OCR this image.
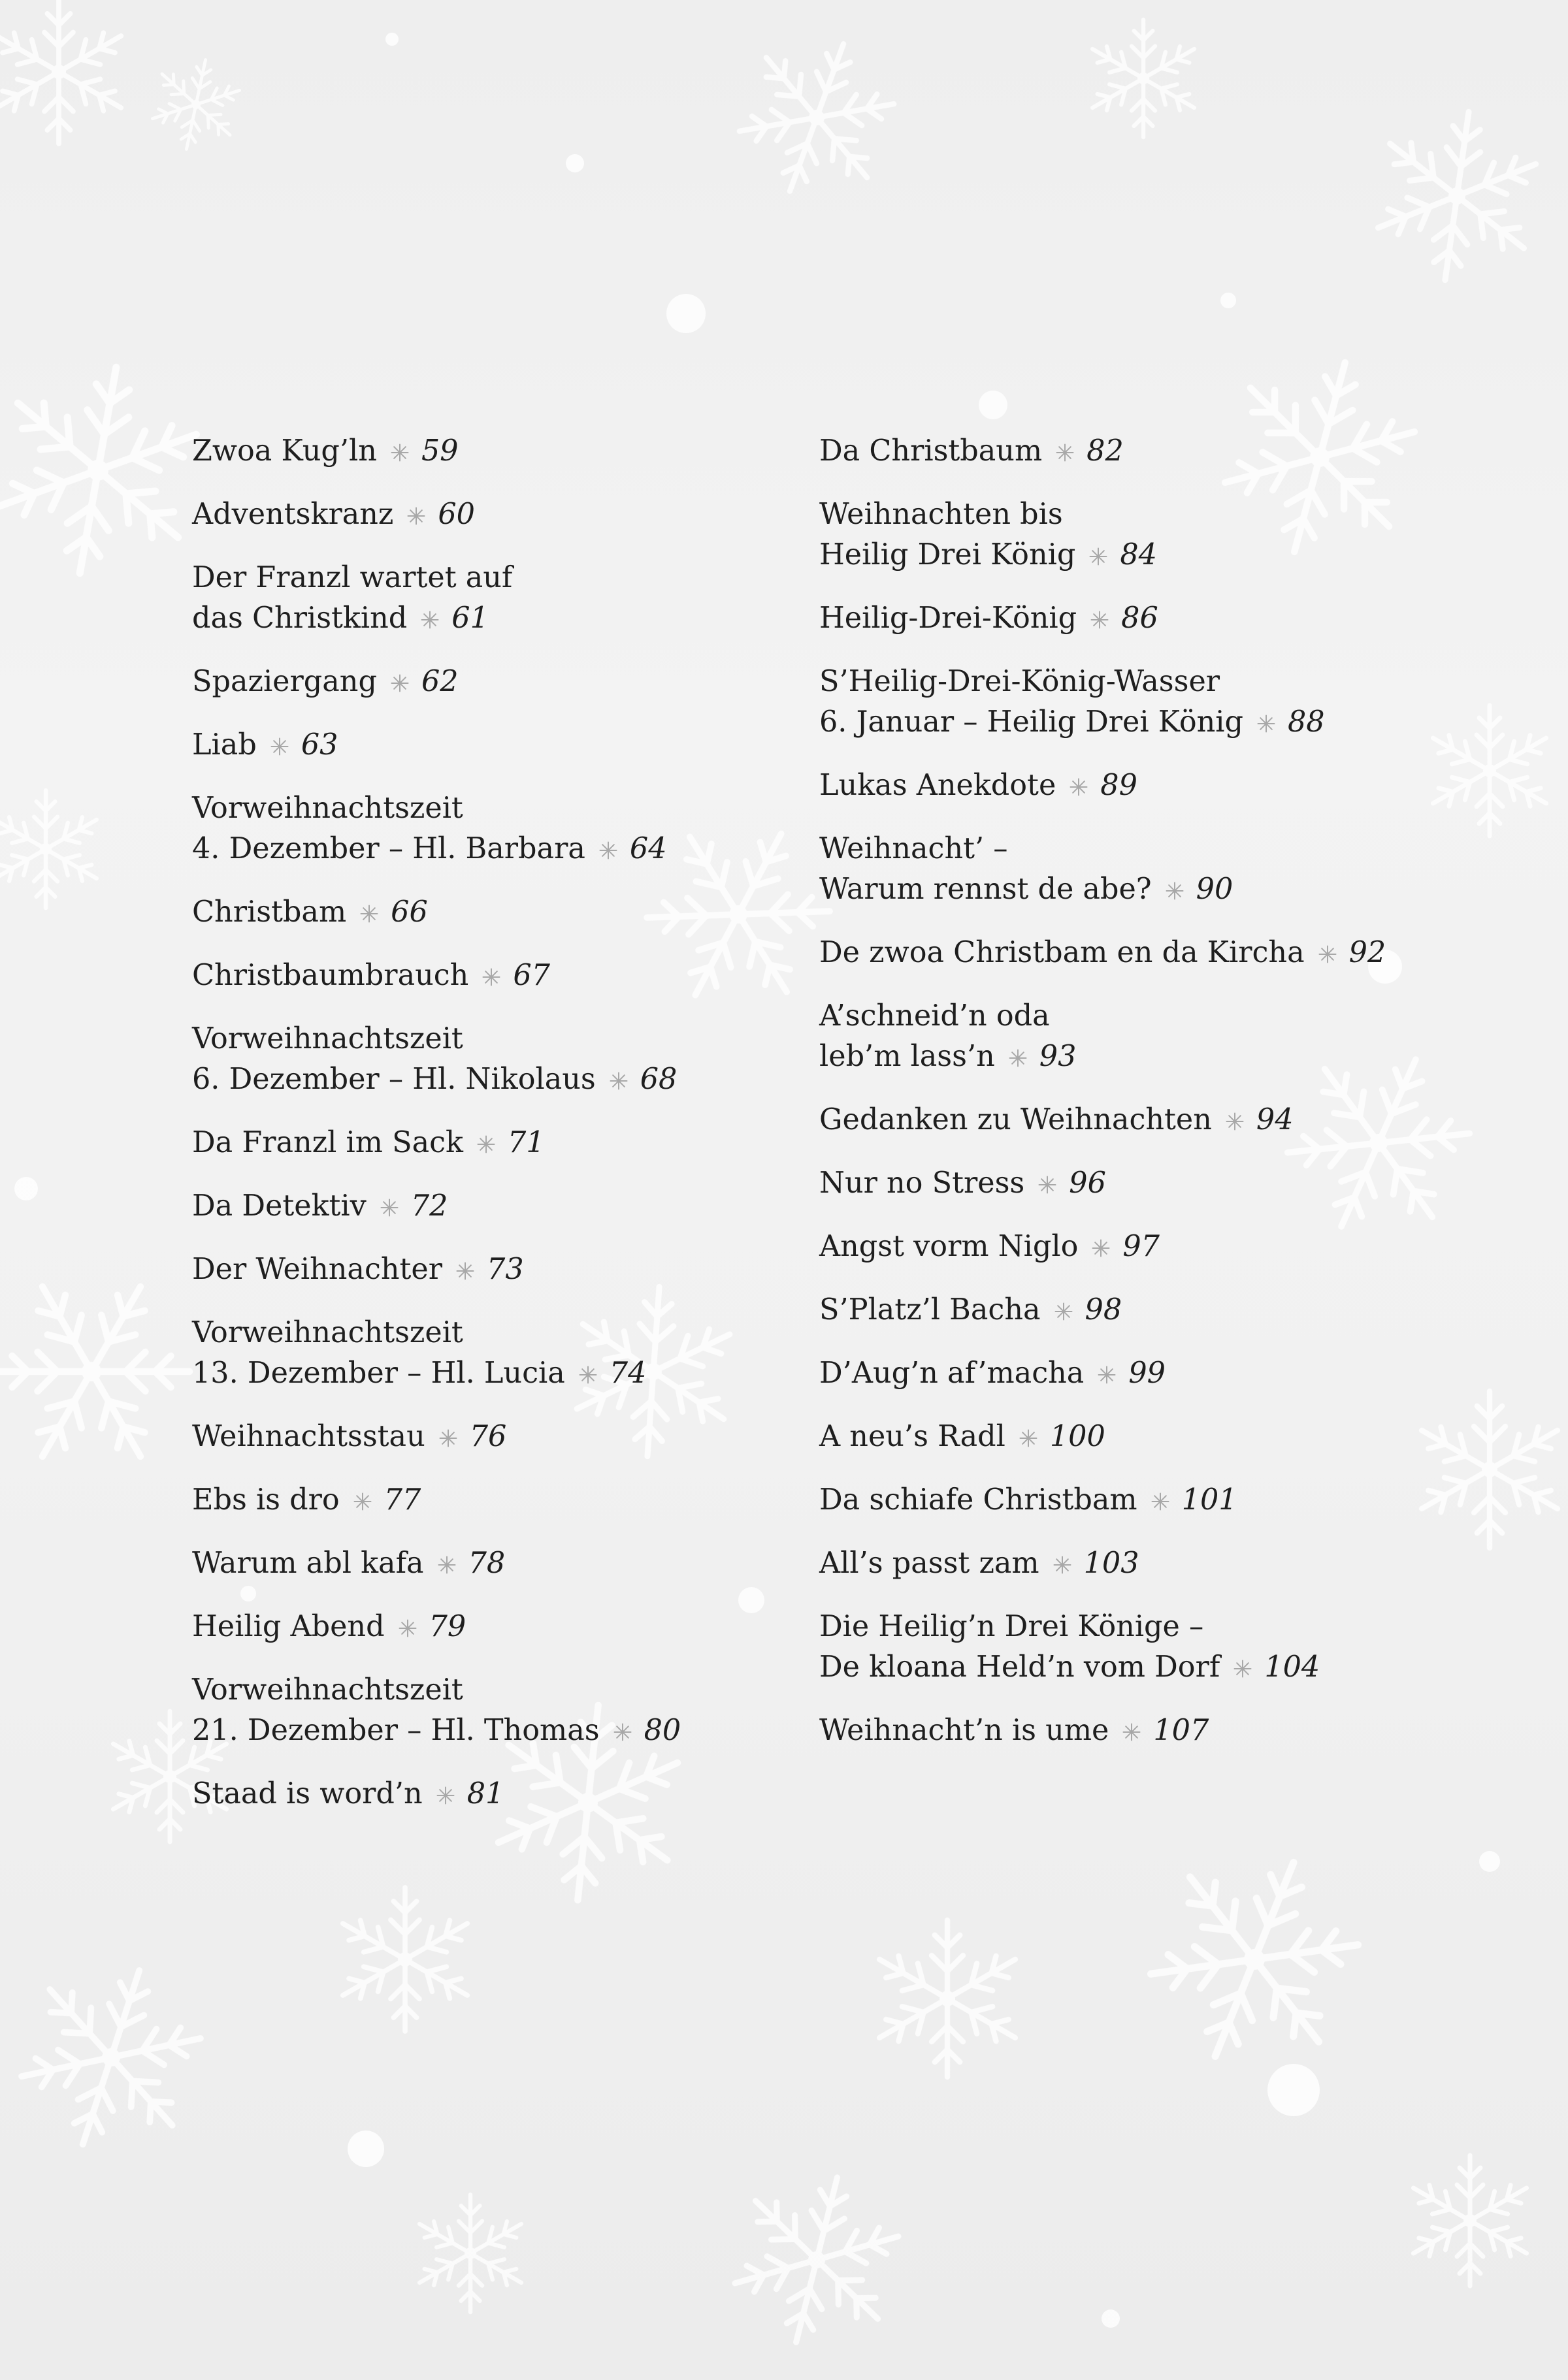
Zwoa Kug’ln 59
Adventskranz 60
Der Franzl wartet auf
das Christkind 61
Spaziergang 62
Liab 63
Vorweihnachtszeit
4. Dezember – Hl. Barbara 64
Christbam 66
Christbaumbrauch 67
Vorweihnachtszeit
6. Dezember – Hl. Nikolaus 68
Da Franzl im Sack 71
Da Detektiv 72
Der Weihnachter 73
Vorweihnachtszeit
13. Dezember – Hl. Lucia 74
Weihnachtsstau 76
Ebs is dro 77
Warum abl kafa 78
Heilig Abend 79
Vorweihnachtszeit
21. Dezember – Hl. Thomas 80
Staad is word’n 81
Da Christbaum 82
Weihnachten bis
Heilig Drei König 84
Heilig-Drei-König 86
S’Heilig-Drei-König-Wasser
6. Januar – Heilig Drei König 88
Lukas Anekdote 89
Weihnacht’ –
Warum rennst de abe? 90
De zwoa Christbam en da Kircha 92
A’schneid’n oda
leb’m lass’n 93
Gedanken zu Weihnachten 94
Nur no Stress 96
Angst vorm Niglo 97
S’Platz’l Bacha 98
D’Aug’n af’macha 99
A neu’s Radl 100
Da schiafe Christbam 101
All’s passt zam 103
Die Heilig’n Drei Könige –
De kloana Held’n vom Dorf 104
Weihnacht’n is ume 107
